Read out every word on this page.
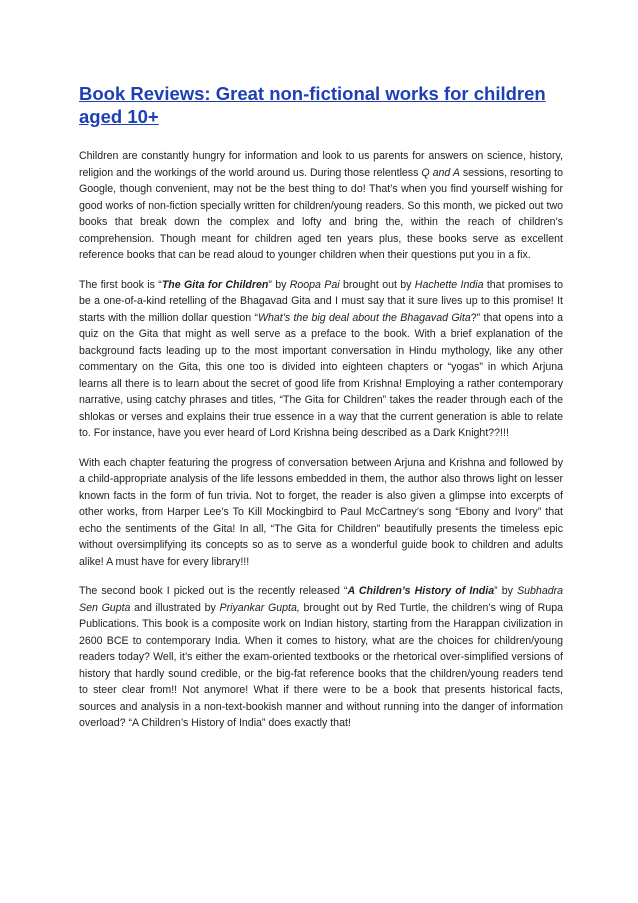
Book Reviews: Great non-fictional works for children aged 10+

Children are constantly hungry for information and look to us parents for answers on science, history, religion and the workings of the world around us. During those relentless Q and A sessions, resorting to Google, though convenient, may not be the best thing to do! That’s when you find yourself wishing for good works of non-fiction specially written for children/young readers. So this month, we picked out two books that break down the complex and lofty and bring the, within the reach of children’s comprehension. Though meant for children aged ten years plus, these books serve as excellent reference books that can be read aloud to younger children when their questions put you in a fix.

The first book is “The Gita for Children” by Roopa Pai brought out by Hachette India that promises to be a one-of-a-kind retelling of the Bhagavad Gita and I must say that it sure lives up to this promise! It starts with the million dollar question “What’s the big deal about the Bhagavad Gita?” that opens into a quiz on the Gita that might as well serve as a preface to the book. With a brief explanation of the background facts leading up to the most important conversation in Hindu mythology, like any other commentary on the Gita, this one too is divided into eighteen chapters or “yogas” in which Arjuna learns all there is to learn about the secret of good life from Krishna! Employing a rather contemporary narrative, using catchy phrases and titles, “The Gita for Children” takes the reader through each of the shlokas or verses and explains their true essence in a way that the current generation is able to relate to. For instance, have you ever heard of Lord Krishna being described as a Dark Knight??!!!

With each chapter featuring the progress of conversation between Arjuna and Krishna and followed by a child-appropriate analysis of the life lessons embedded in them, the author also throws light on lesser known facts in the form of fun trivia. Not to forget, the reader is also given a glimpse into excerpts of other works, from Harper Lee’s To Kill Mockingbird to Paul McCartney’s song “Ebony and Ivory” that echo the sentiments of the Gita! In all, “The Gita for Children” beautifully presents the timeless epic without oversimplifying its concepts so as to serve as a wonderful guide book to children and adults alike! A must have for every library!!!

The second book I picked out is the recently released “A Children’s History of India” by Subhadra Sen Gupta and illustrated by Priyankar Gupta, brought out by Red Turtle, the children’s wing of Rupa Publications. This book is a composite work on Indian history, starting from the Harappan civilization in 2600 BCE to contemporary India. When it comes to history, what are the choices for children/young readers today? Well, it’s either the exam-oriented textbooks or the rhetorical over-simplified versions of history that hardly sound credible, or the big-fat reference books that the children/young readers tend to steer clear from!! Not anymore! What if there were to be a book that presents historical facts, sources and analysis in a non-text-bookish manner and without running into the danger of information overload? “A Children’s History of India” does exactly that!
